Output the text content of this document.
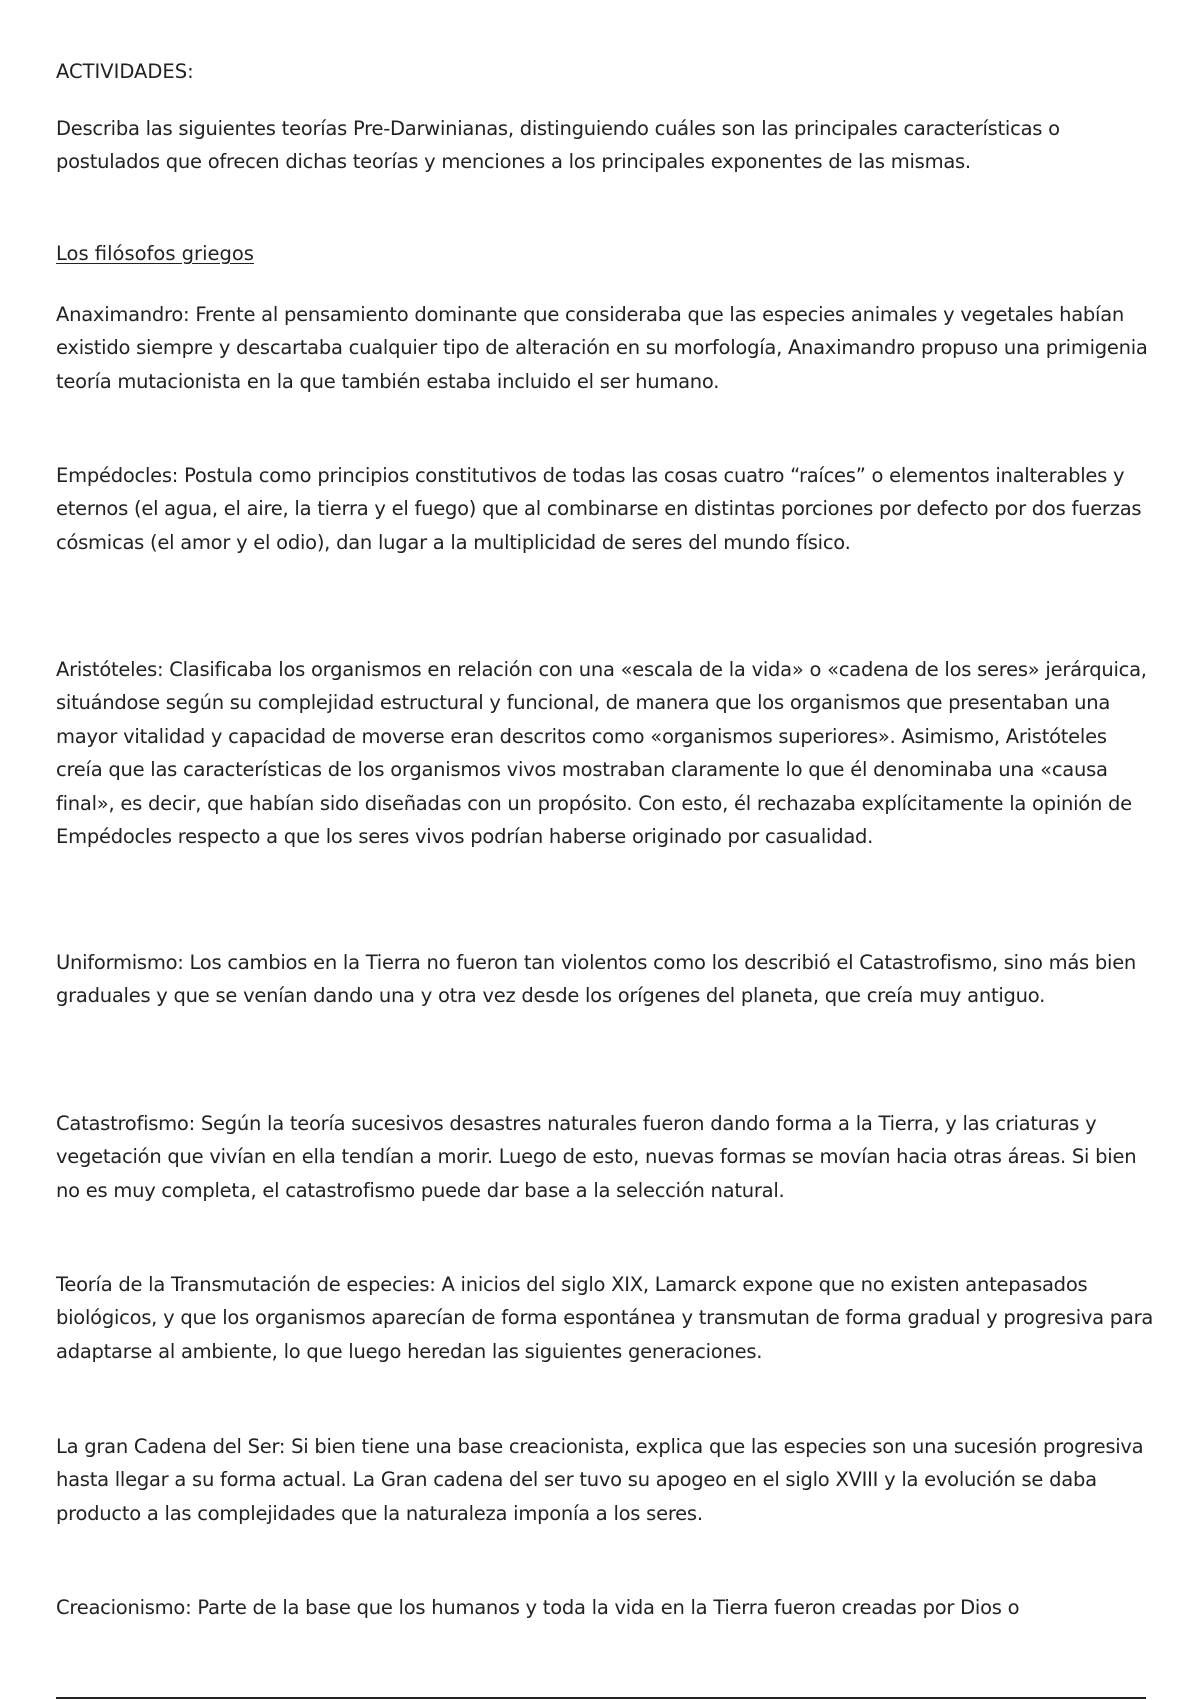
ACTIVIDADES:

Describa las siguientes teorías Pre-Darwinianas, distinguiendo cuáles son las principales características o postulados que ofrecen dichas teorías y menciones a los principales exponentes de las mismas.

Los filósofos griegos

Anaximandro: Frente al pensamiento dominante que consideraba que las especies animales y vegetales habían existido siempre y descartaba cualquier tipo de alteración en su morfología, Anaximandro propuso una primigenia teoría mutacionista en la que también estaba incluido el ser humano.

Empédocles: Postula como principios constitutivos de todas las cosas cuatro “raíces” o elementos inalterables y eternos (el agua, el aire, la tierra y el fuego) que al combinarse en distintas porciones por defecto por dos fuerzas cósmicas (el amor y el odio), dan lugar a la multiplicidad de seres del mundo físico.

Aristóteles: Clasificaba los organismos en relación con una «escala de la vida» o «cadena de los seres» jerárquica, situándose según su complejidad estructural y funcional, de manera que los organismos que presentaban una mayor vitalidad y capacidad de moverse eran descritos como «organismos superiores». Asimismo, Aristóteles creía que las características de los organismos vivos mostraban claramente lo que él denominaba una «causa final», es decir, que habían sido diseñadas con un propósito. Con esto, él rechazaba explícitamente la opinión de Empédocles respecto a que los seres vivos podrían haberse originado por casualidad.

Uniformismo: Los cambios en la Tierra no fueron tan violentos como los describió el Catastrofismo, sino más bien graduales y que se venían dando una y otra vez desde los orígenes del planeta, que creía muy antiguo.

Catastrofismo: Según la teoría sucesivos desastres naturales fueron dando forma a la Tierra, y las criaturas y vegetación que vivían en ella tendían a morir. Luego de esto, nuevas formas se movían hacia otras áreas. Si bien no es muy completa, el catastrofismo puede dar base a la selección natural.

Teoría de la Transmutación de especies: A inicios del siglo XIX, Lamarck expone que no existen antepasados biológicos, y que los organismos aparecían de forma espontánea y transmutan de forma gradual y progresiva para adaptarse al ambiente, lo que luego heredan las siguientes generaciones.

La gran Cadena del Ser: Si bien tiene una base creacionista, explica que las especies son una sucesión progresiva hasta llegar a su forma actual. La Gran cadena del ser tuvo su apogeo en el siglo XVIII y la evolución se daba producto a las complejidades que la naturaleza imponía a los seres.

Creacionismo: Parte de la base que los humanos y toda la vida en la Tierra fueron creadas por Dios o
